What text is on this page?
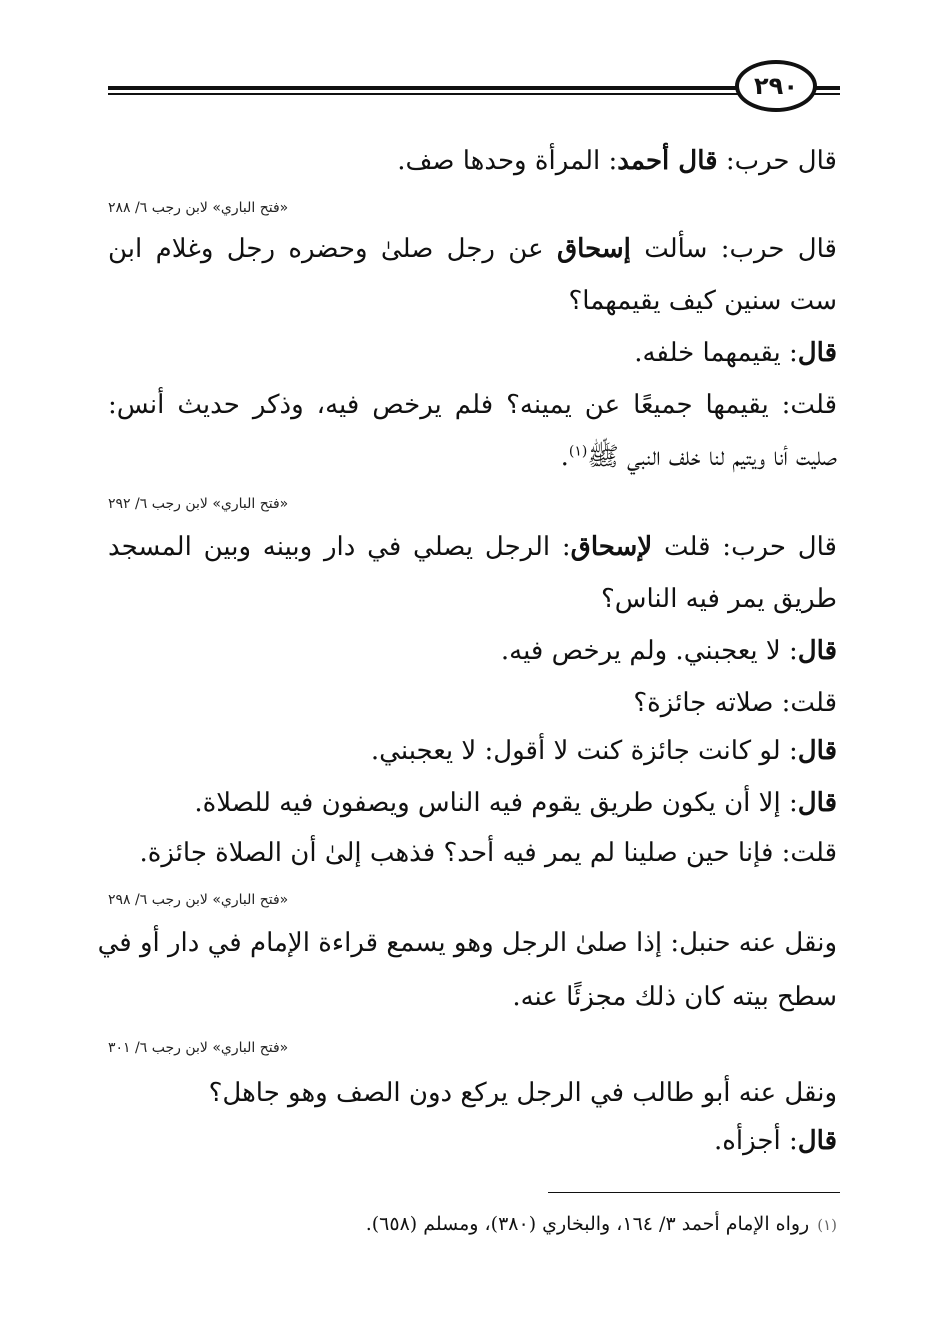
٢٩٠
قال حرب: قال أحمد: المرأة وحدها صف.
«فتح الباري» لابن رجب ٦/ ٢٨٨
قال حرب: سألت إسحاق عن رجل صلىٰ وحضره رجل وغلام ابن
ست سنين كيف يقيمهما؟
قال: يقيمهما خلفه.
قلت: يقيمها جميعًا عن يمينه؟ فلم يرخص فيه، وذكر حديث أنس:
صليت أنا ويتيم لنا خلف النبي ﷺ$^{(١)}$.
«فتح الباري» لابن رجب ٦/ ٢٩٢
قال حرب: قلت لإسحاق: الرجل يصلي في دار وبينه وبين المسجد
طريق يمر فيه الناس؟
قال: لا يعجبني. ولم يرخص فيه.
قلت: صلاته جائزة؟
قال: لو كانت جائزة كنت لا أقول: لا يعجبني.
قال: إلا أن يكون طريق يقوم فيه الناس ويصفون فيه للصلاة.
قلت: فإنا حين صلينا لم يمر فيه أحد؟ فذهب إلىٰ أن الصلاة جائزة.
«فتح الباري» لابن رجب ٦/ ٢٩٨
ونقل عنه حنبل: إذا صلىٰ الرجل وهو يسمع قراءة الإمام في دار أو في
سطح بيته كان ذلك مجزئًا عنه.
«فتح الباري» لابن رجب ٦/ ٣٠١
ونقل عنه أبو طالب في الرجل يركع دون الصف وهو جاهل؟
قال: أجزأه.
(١)رواه الإمام أحمد ٣/ ١٦٤، والبخاري (٣٨٠)، ومسلم (٦٥٨).
